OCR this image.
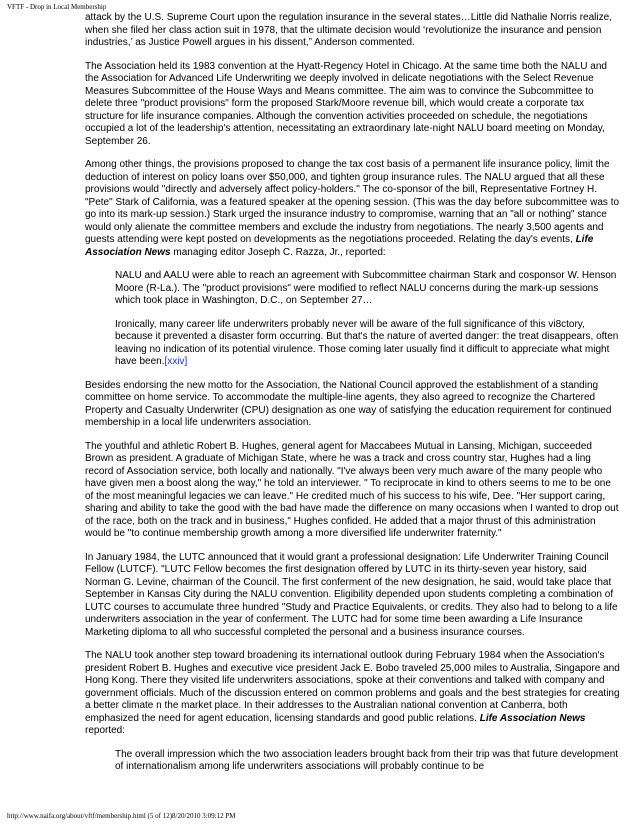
VFTF - Drop in Local Membership

attack by the U.S. Supreme Court upon the regulation insurance in the several states…Little did Nathalie Norris realize, when she filed her class action suit in 1978, that the ultimate decision would ‘revolutionize the insurance and pension industries,’ as Justice Powell argues in his dissent,” Anderson commented.

The Association held its 1983 convention at the Hyatt-Regency Hotel in Chicago. At the same time both the NALU and the Association for Advanced Life Underwriting we deeply involved in delicate negotiations with the Select Revenue Measures Subcommittee of the House Ways and Means committee. The aim was to convince the Subcommittee to delete three "product provisions" form the proposed Stark/Moore revenue bill, which would create a corporate tax structure for life insurance companies. Although the convention activities proceeded on schedule, the negotiations occupied a lot of the leadership's attention, necessitating an extraordinary late-night NALU board meeting on Monday, September 26.

Among other things, the provisions proposed to change the tax cost basis of a permanent life insurance policy, limit the deduction of interest on policy loans over $50,000, and tighten group insurance rules. The NALU argued that all these provisions would "directly and adversely affect policy-holders." The co-sponsor of the bill, Representative Fortney H. "Pete" Stark of California, was a featured speaker at the opening session. (This was the day before subcommittee was to go into its mark-up session.) Stark urged the insurance industry to compromise, warning that an "all or nothing" stance would only alienate the committee members and exclude the industry from negotiations. The nearly 3,500 agents and guests attending were kept posted on developments as the negotiations proceeded. Relating the day's events, Life Association News managing editor Joseph C. Razza, Jr., reported:

NALU and AALU were able to reach an agreement with Subcommittee chairman Stark and cosponsor W. Henson Moore (R-La.). The "product provisions" were modified to reflect NALU concerns during the mark-up sessions which took place in Washington, D.C., on September 27…

Ironically, many career life underwriters probably never will be aware of the full significance of this vi8ctory, because it prevented a disaster form occurring. But that's the nature of averted danger: the treat disappears, often leaving no indication of its potential virulence. Those coming later usually find it difficult to appreciate what might have been.[xxiv]

Besides endorsing the new motto for the Association, the National Council approved the establishment of a standing committee on home service. To accommodate the multiple-line agents, they also agreed to recognize the Chartered Property and Casualty Underwriter (CPU) designation as one way of satisfying the education requirement for continued membership in a local life underwriters association.

The youthful and athletic Robert B. Hughes, general agent for Maccabees Mutual in Lansing, Michigan, succeeded Brown as president. A graduate of Michigan State, where he was a track and cross country star, Hughes had a ling record of Association service, both locally and nationally. "I've always been very much aware of the many people who have given men a boost along the way," he told an interviewer. " To reciprocate in kind to others seems to me to be one of the most meaningful legacies we can leave." He credited much of his success to his wife, Dee. "Her support caring, sharing and ability to take the good with the bad have made the difference on many occasions when I wanted to drop out of the race, both on the track and in business," Hughes confided. He added that a major thrust of this administration would be "to continue membership growth among a more diversified life underwriter fraternity."

In January 1984, the LUTC announced that it would grant a professional designation: Life Underwriter Training Council Fellow (LUTCF). "LUTC Fellow becomes the first designation offered by LUTC in its thirty-seven year history, said Norman G. Levine, chairman of the Council. The first conferment of the new designation, he said, would take place that September in Kansas City during the NALU convention. Eligibility depended upon students completing a combination of LUTC courses to accumulate three hundred "Study and Practice Equivalents, or credits. They also had to belong to a life underwriters association in the year of conferment. The LUTC had for some time been awarding a Life Insurance Marketing diploma to all who successful completed the personal and a business insurance courses.

The NALU took another step toward broadening its international outlook during February 1984 when the Association's president Robert B. Hughes and executive vice president Jack E. Bobo traveled 25,000 miles to Australia, Singapore and Hong Kong. There they visited life underwriters associations, spoke at their conventions and talked with company and government officials. Much of the discussion entered on common problems and goals and the best strategies for creating a better climate n the market place. In their addresses to the Australian national convention at Canberra, both emphasized the need for agent education, licensing standards and good public relations. Life Association News reported:

The overall impression which the two association leaders brought back from their trip was that future development of internationalism among life underwriters associations will probably continue to be

http://www.naifa.org/about/vftf/membership.html (5 of 12)8/20/2010 3:09:12 PM
